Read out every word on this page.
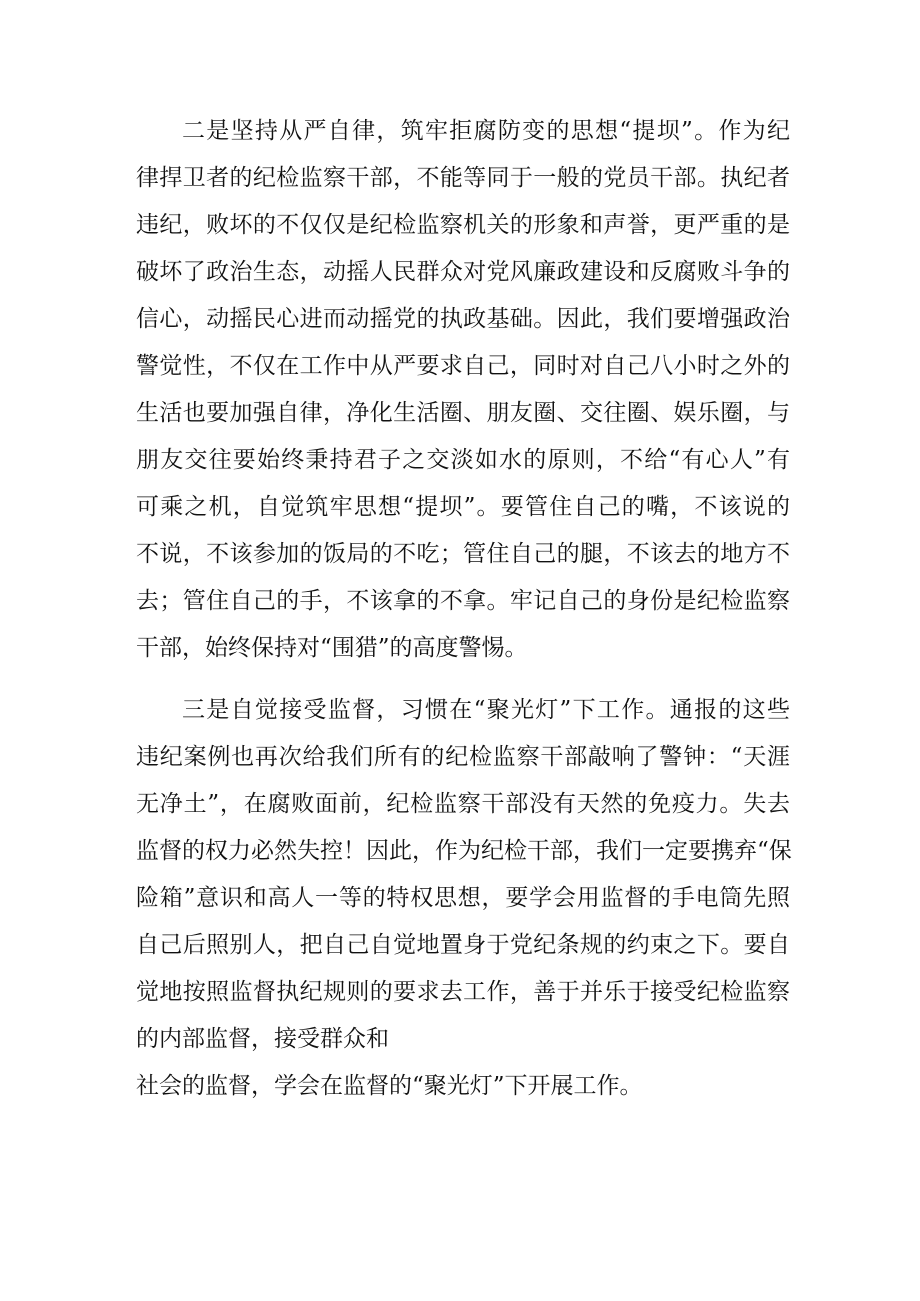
二是坚持从严自律，筑牢拒腐防变的思想“提坝”。作为纪
律捍卫者的纪检监察干部，不能等同于一般的党员干部。执纪者
违纪，败坏的不仅仅是纪检监察机关的形象和声誉，更严重的是
破坏了政治生态，动摇人民群众对党风廉政建设和反腐败斗争的
信心，动摇民心进而动摇党的执政基础。因此，我们要增强政治
警觉性，不仅在工作中从严要求自己，同时对自己八小时之外的
生活也要加强自律，净化生活圈、朋友圈、交往圈、娱乐圈，与
朋友交往要始终秉持君子之交淡如水的原则，不给“有心人”有
可乘之机，自觉筑牢思想“提坝”。要管住自己的嘴，不该说的
不说，不该参加的饭局的不吃；管住自己的腿，不该去的地方不
去；管住自己的手，不该拿的不拿。牢记自己的身份是纪检监察
干部，始终保持对“围猎”的高度警惕。
三是自觉接受监督，习惯在“聚光灯”下工作。通报的这些
违纪案例也再次给我们所有的纪检监察干部敲响了警钟：“天涯
无净土”，在腐败面前，纪检监察干部没有天然的免疫力。失去
监督的权力必然失控！因此，作为纪检干部，我们一定要携弃“保
险箱”意识和高人一等的特权思想，要学会用监督的手电筒先照
自己后照别人，把自己自觉地置身于党纪条规的约束之下。要自
觉地按照监督执纪规则的要求去工作，善于并乐于接受纪检监察
的内部监督，接受群众和
社会的监督，学会在监督的“聚光灯”下开展工作。
